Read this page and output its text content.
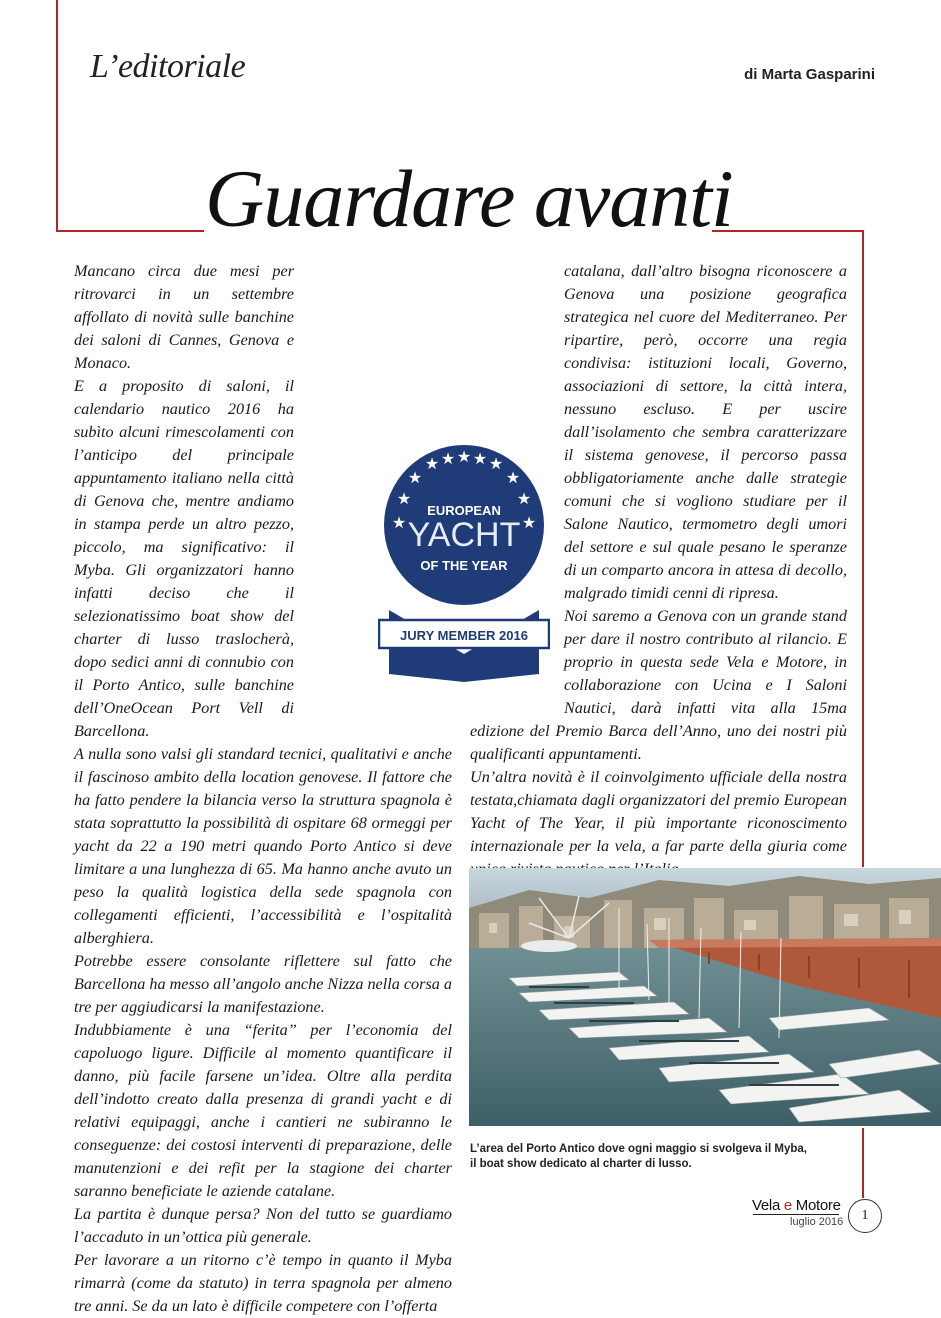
L’editoriale	di Marta Gasparini
Guardare avanti

Mancano circa due mesi per ritrovarci in un settembre affollato di novità sulle banchine dei saloni di Cannes, Genova e Monaco.

E a proposito di saloni, il calendario nautico 2016 ha subìto alcuni rimescolamenti con l’anticipo del principale appuntamento italiano nella città di Genova che, mentre andiamo in stampa perde un altro pezzo, piccolo, ma significativo: il Myba. Gli organizzatori hanno infatti deciso che il selezionatissimo boat show del charter di lusso traslocherà, dopo sedici anni di connubio con il Porto Antico, sulle banchine dell’OneOcean Port Vell di Barcellona.

A nulla sono valsi gli standard tecnici, qualitativi e anche il fascinoso ambito della location genovese. Il fattore che ha fatto pendere la bilancia verso la struttura spagnola è stata soprattutto la possibilità di ospitare 68 ormeggi per yacht da 22 a 190 metri quando Porto Antico si deve limitare a una lunghezza di 65. Ma hanno anche avuto un peso la qualità logistica della sede spagnola con collegamenti efficienti, l’accessibilità e l’ospitalità alberghiera.

Potrebbe essere consolante riflettere sul fatto che Barcellona ha messo all’angolo anche Nizza nella corsa a tre per aggiudicarsi la manifestazione.

Indubbiamente è una “ferita” per l’economia del capoluogo ligure. Difficile al momento quantificare il danno, più facile farsene un’idea. Oltre alla perdita dell’indotto creato dalla presenza di grandi yacht e di relativi equipaggi, anche i cantieri ne subiranno le conseguenze: dei costosi interventi di preparazione, delle manutenzioni e dei refit per la stagione dei charter saranno beneficiate le aziende catalane.

La partita è dunque persa? Non del tutto se guardiamo l’accaduto in un’ottica più generale.

Per lavorare a un ritorno c’è tempo in quanto il Myba rimarrà (come da statuto) in terra spagnola per almeno tre anni. Se da un lato è difficile competere con l’offerta

catalana, dall’altro bisogna riconoscere a Genova una posizione geografica strategica nel cuore del Mediterraneo. Per ripartire, però, occorre una regia condivisa: istituzioni locali, Governo, associazioni di settore, la città intera, nessuno escluso. E per uscire dall’isolamento che sembra caratterizzare il sistema genovese, il percorso passa obbligatoriamente anche dalle strategie comuni che si vogliono studiare per il Salone Nautico, termometro degli umori del settore e sul quale pesano le speranze di un comparto ancora in attesa di decollo, malgrado timidi cenni di ripresa.

Noi saremo a Genova con un grande stand per dare il nostro contributo al rilancio. E proprio in questa sede Vela e Motore, in collaborazione con Ucina e I Saloni Nautici, darà infatti vita alla 15ma edizione del Premio Barca dell’Anno, uno dei nostri più qualificanti appuntamenti.

Un’altra novità è il coinvolgimento ufficiale della nostra testata,chiamata dagli organizzatori del premio European Yacht of The Year, il più importante riconoscimento internazionale per la vela, a far parte della giuria come

★ ★ ★ ★ ★
★	★
★	★
★	★
EUROPEAN
YACHT
OF THE YEAR
JURY MEMBER 2016
L’area del Porto Antico dove ogni maggio si svolgeva il Myba, il boat show dedicato al charter di lusso.
Vela e Motore
luglio 2016	1
